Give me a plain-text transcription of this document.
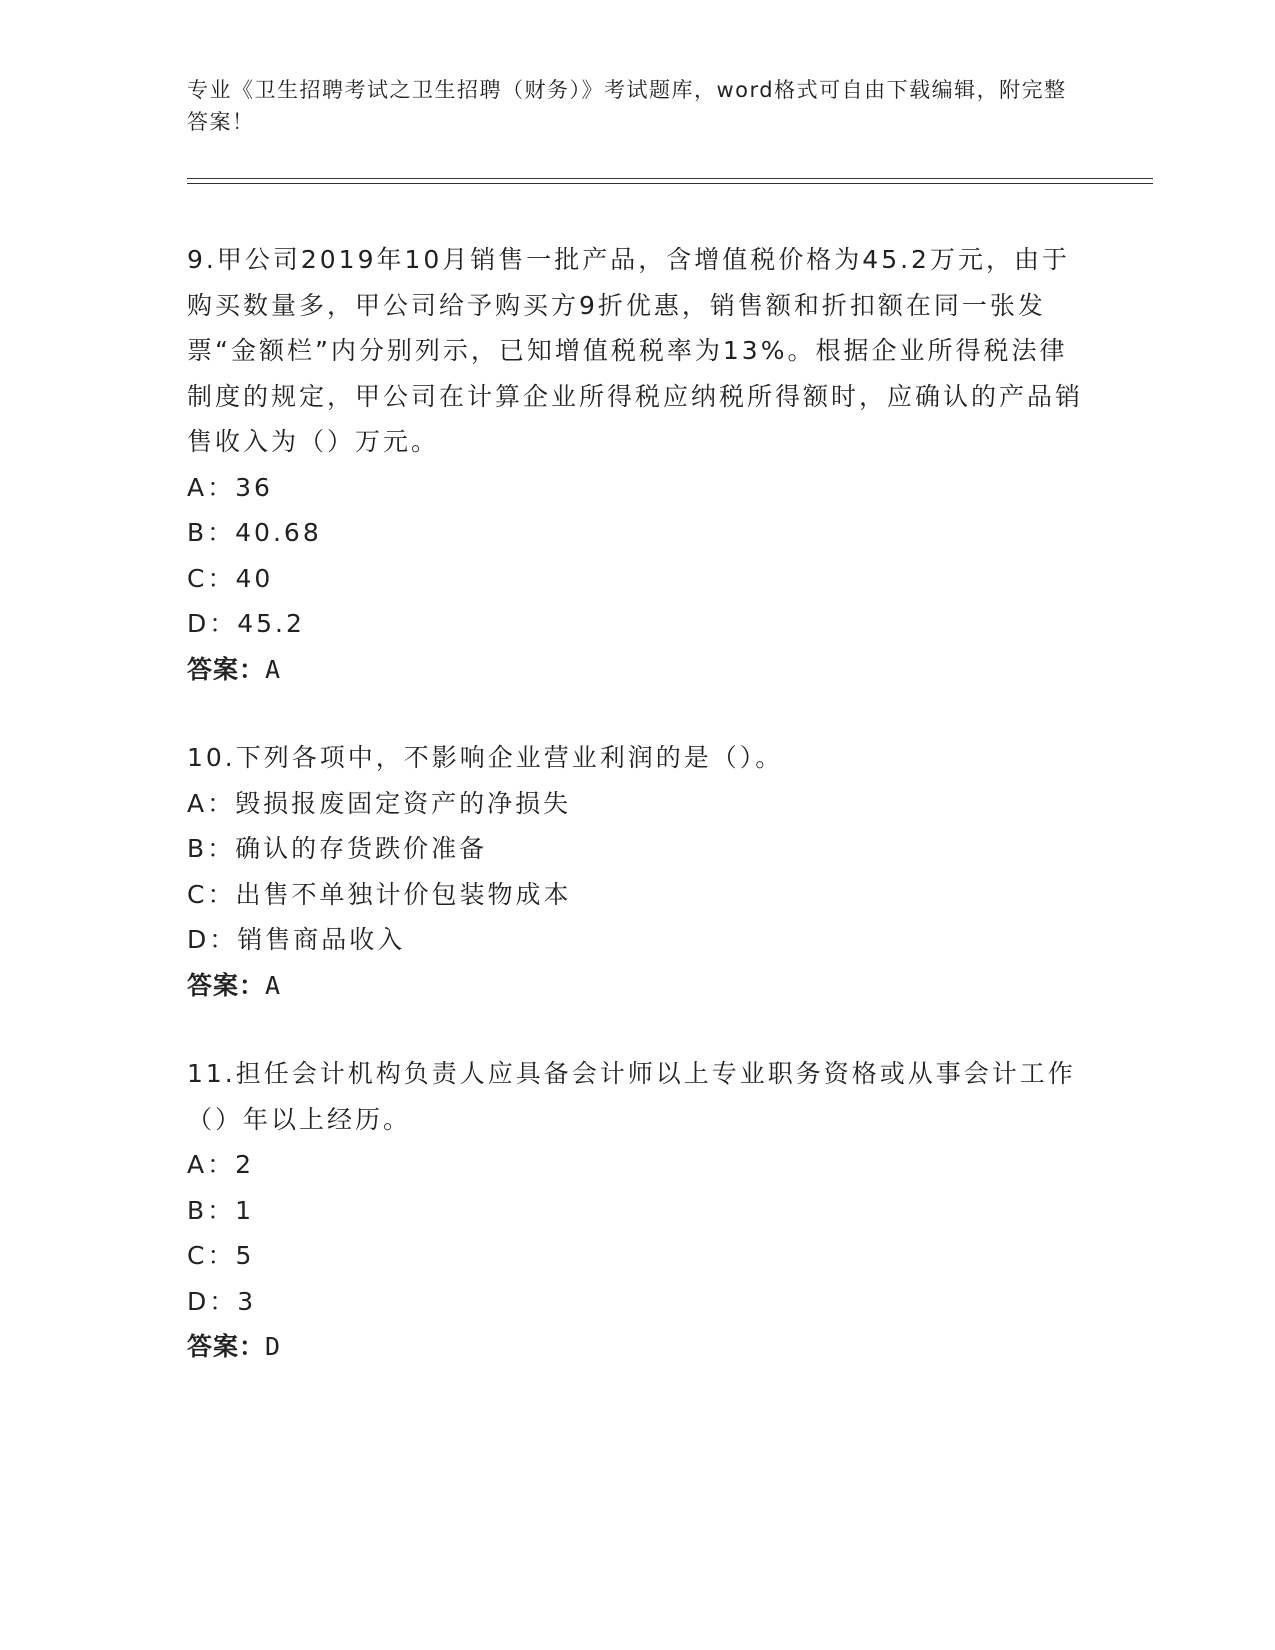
专业《卫生招聘考试之卫生招聘（财务）》考试题库，word格式可自由下载编辑，附完整答案！

9.甲公司2019年10月销售一批产品，含增值税价格为45.2万元，由于购买数量多，甲公司给予购买方9折优惠，销售额和折扣额在同一张发票“金额栏”内分别列示，已知增值税税率为13%。根据企业所得税法律制度的规定，甲公司在计算企业所得税应纳税所得额时，应确认的产品销售收入为（）万元。

A：36

B：40.68

C：40

D：45.2

答案：A

10.下列各项中，不影响企业营业利润的是（）。

A：毁损报废固定资产的净损失

B：确认的存货跌价准备

C：出售不单独计价包装物成本

D：销售商品收入

答案：A

11.担任会计机构负责人应具备会计师以上专业职务资格或从事会计工作（）年以上经历。

A：2

B：1

C：5

D：3

答案：D
